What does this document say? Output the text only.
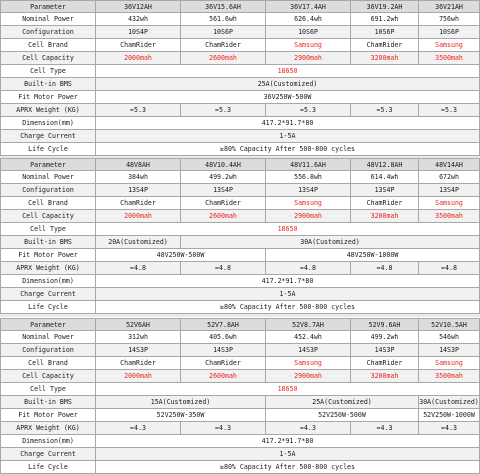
Parameter	36V12AH	36V15.6AH	36V17.4AH	36V19.2AH	36V21AH
Nominal Power	432wh	561.6wh	626.4wh	691.2wh	756wh
Configuration	10S4P	10S6P	10S6P	10S6P	10S6P
Cell Brand	ChamRider	ChamRider	Samsung	ChamRider	Samsung
Cell Capacity	2000mah	2600mah	2900mah	3200mah	3500mah
Cell Type	18650
Built-in BMS	25A(Customized)
Fit Motor Power	36V250W-500W
APRX Weight (KG)	≈5.3	≈5.3	≈5.3	≈5.3	≈5.3
Dimension(mm)	417.2*91.7*80
Charge Current	1-5A
Life Cycle	≥80% Capacity After 500-800 cycles
Parameter	48V8AH	48V10.4AH	48V11.6AH	48V12.8AH	48V14AH
Nominal Power	384wh	499.2wh	556.8wh	614.4wh	672wh
Configuration	13S4P	13S4P	13S4P	13S4P	13S4P
Cell Brand	ChamRider	ChamRider	Samsung	ChamRider	Samsung
Cell Capacity	2000mah	2600mah	2900mah	3200mah	3500mah
Cell Type	18650
Built-in BMS	20A(Customized)	30A(Customized)
Fit Motor Power	48V250W-500W	48V250W-1000W
APRX Weight (KG)	≈4.8	≈4.8	≈4.8	≈4.8	≈4.8
Dimension(mm)	417.2*91.7*80
Charge Current	1-5A
Life Cycle	≥80% Capacity After 500-800 cycles
Parameter	52V6AH	52V7.8AH	52V8.7AH	52V9.6AH	52V10.5AH
Nominal Power	312wh	405.6wh	452.4wh	499.2wh	546wh
Configuration	14S3P	14S3P	14S3P	14S3P	14S3P
Cell Brand	ChamRider	ChamRider	Samsung	ChamRider	Samsung
Cell Capacity	2000mah	2600mah	2900mah	3200mah	3500mah
Cell Type	18650
Built-in BMS	15A(Customized)	25A(Customized)	30A(Customized)
Fit Motor Power	52V250W-350W	52V250W-500W	52V250W-1000W
APRX Weight (KG)	≈4.3	≈4.3	≈4.3	≈4.3	≈4.3
Dimension(mm)	417.2*91.7*80
Charge Current	1-5A
Life Cycle	≥80% Capacity After 500-800 cycles
